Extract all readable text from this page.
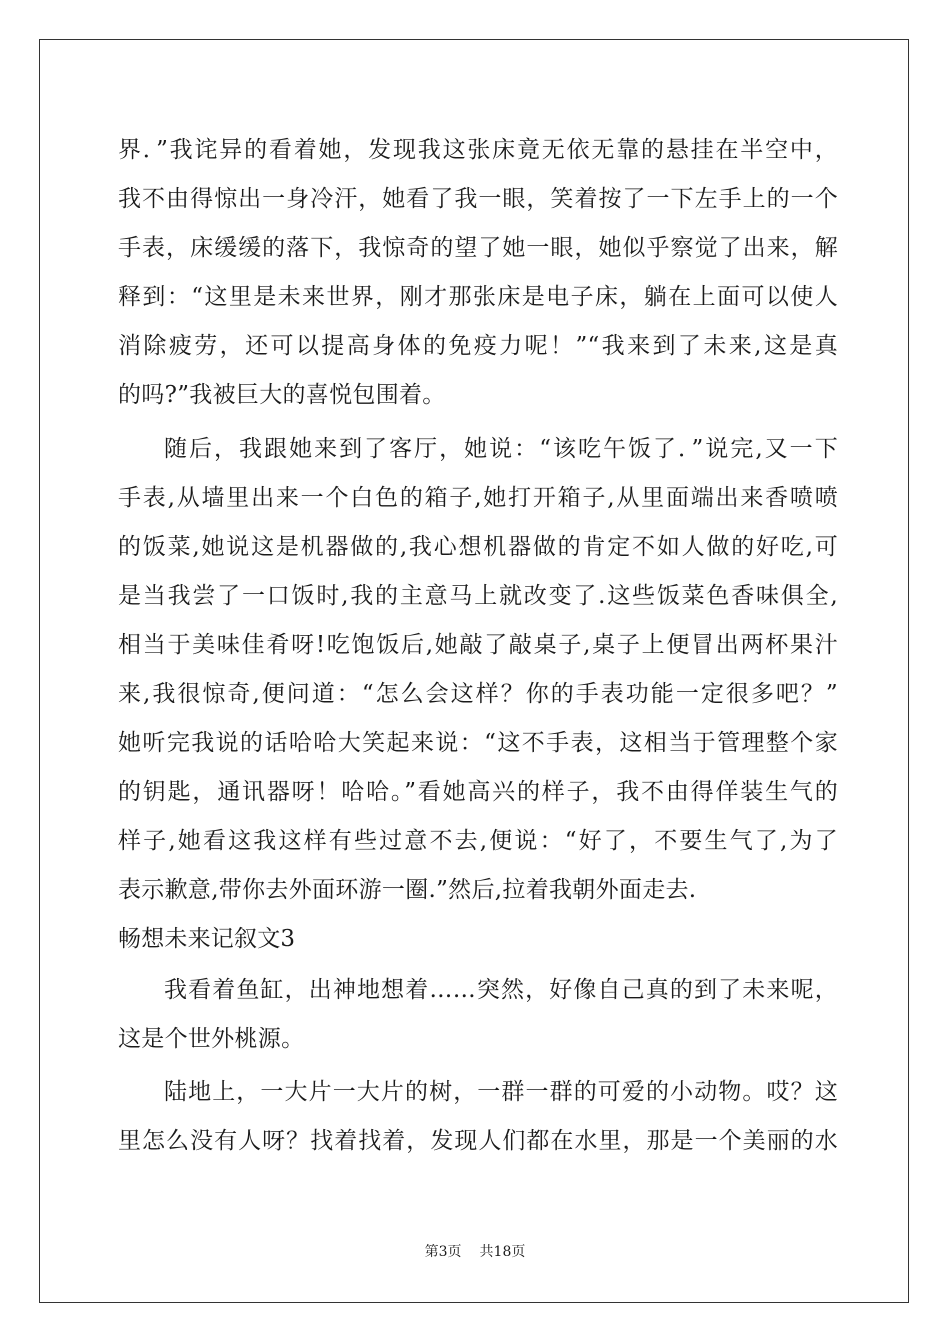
界．”我诧异的看着她，发现我这张床竟无依无靠的悬挂在半空中，
我不由得惊出一身冷汗，她看了我一眼，笑着按了一下左手上的一个
手表，床缓缓的落下，我惊奇的望了她一眼，她似乎察觉了出来，解
释到：“这里是未来世界，刚才那张床是电子床，躺在上面可以使人
消除疲劳，还可以提高身体的免疫力呢！”“我来到了未来,这是真
的吗?”我被巨大的喜悦包围着。
随后，我跟她来到了客厅，她说：“该吃午饭了．”说完,又一下
手表,从墙里出来一个白色的箱子,她打开箱子,从里面端出来香喷喷
的饭菜,她说这是机器做的,我心想机器做的肯定不如人做的好吃,可
是当我尝了一口饭时,我的主意马上就改变了.这些饭菜色香味俱全,
相当于美味佳肴呀!吃饱饭后,她敲了敲桌子,桌子上便冒出两杯果汁
来,我很惊奇,便问道：“怎么会这样？你的手表功能一定很多吧？”
她听完我说的话哈哈大笑起来说：“这不手表，这相当于管理整个家
的钥匙，通讯器呀！哈哈。”看她高兴的样子，我不由得佯装生气的
样子,她看这我这样有些过意不去,便说：“好了，不要生气了,为了
表示歉意,带你去外面环游一圈.”然后,拉着我朝外面走去.
畅想未来记叙文3
我看着鱼缸，出神地想着……突然，好像自己真的到了未来呢，
这是个世外桃源。
陆地上，一大片一大片的树，一群一群的可爱的小动物。哎？这
里怎么没有人呀？找着找着，发现人们都在水里，那是一个美丽的水
第3页 共18页
